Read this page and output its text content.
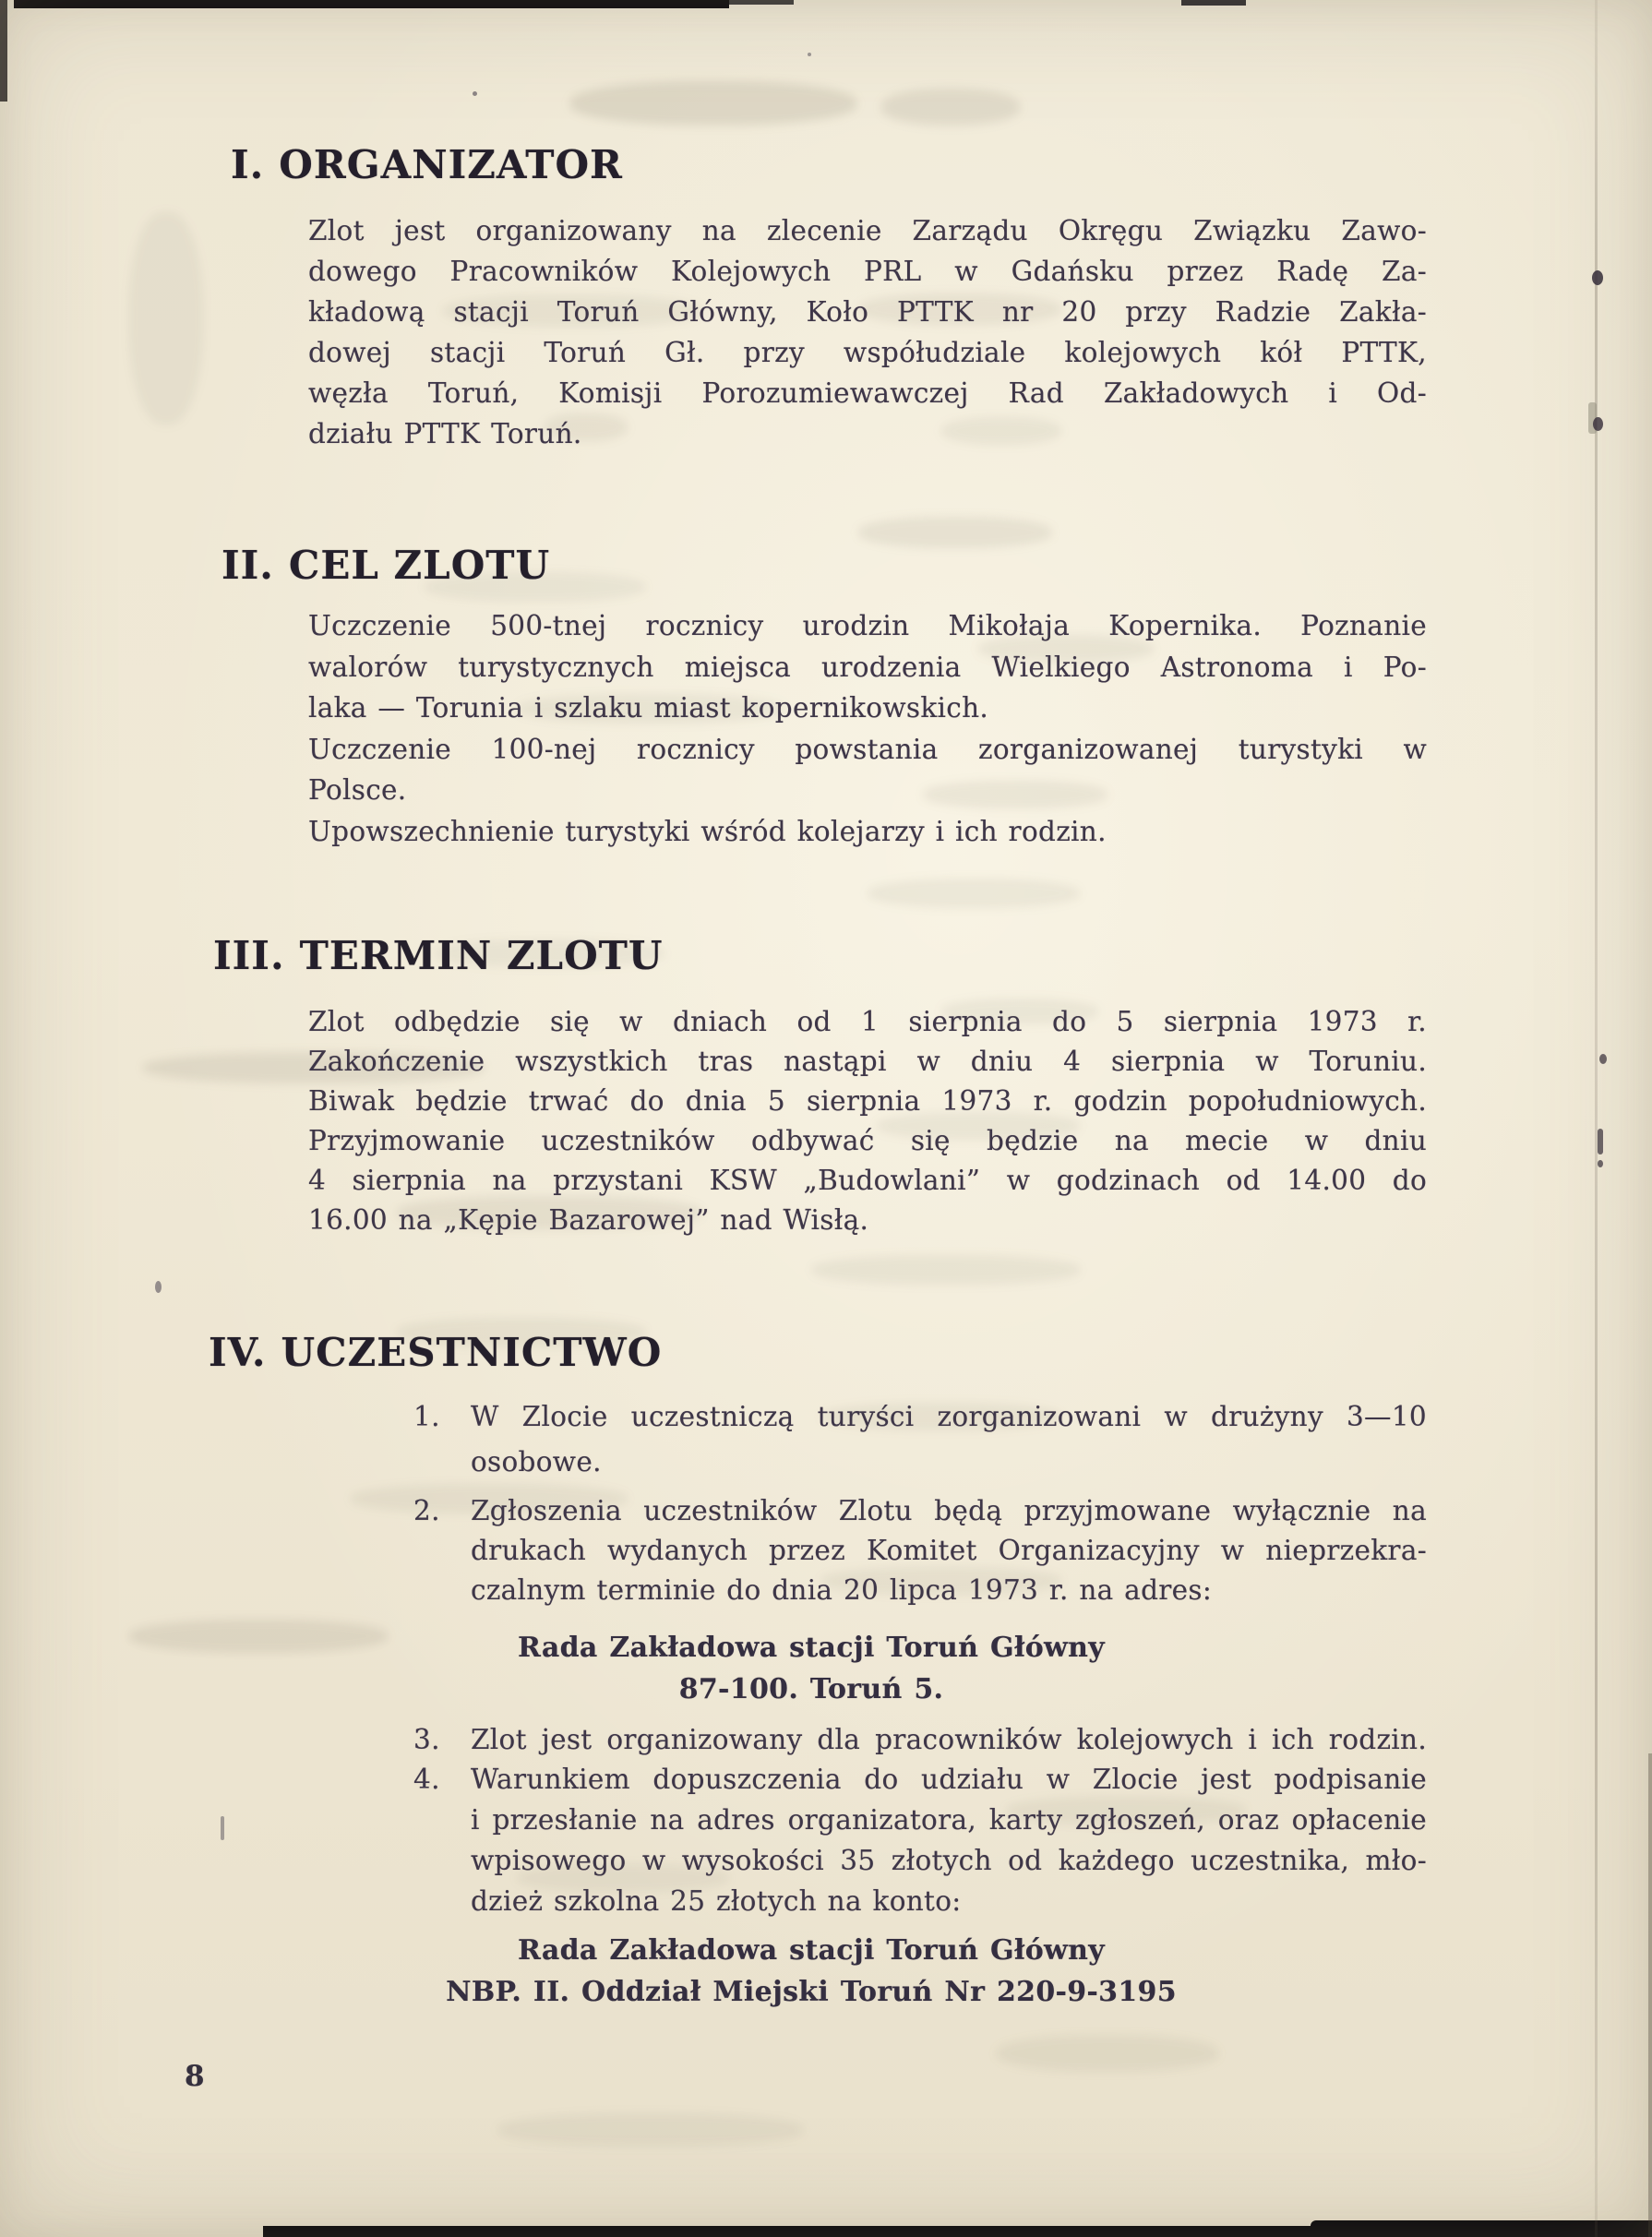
I. ORGANIZATOR
Zlot jest organizowany na zlecenie Zarządu Okręgu Związku Zawo-
dowego Pracowników Kolejowych PRL w Gdańsku przez Radę Za-
kładową stacji Toruń Główny, Koło PTTK nr 20 przy Radzie Zakła-
dowej stacji Toruń Gł. przy współudziale kolejowych kół PTTK,
węzła Toruń, Komisji Porozumiewawczej Rad Zakładowych i Od-
działu PTTK Toruń.
II. CEL ZLOTU
Uczczenie 500-tnej rocznicy urodzin Mikołaja Kopernika. Poznanie
walorów turystycznych miejsca urodzenia Wielkiego Astronoma i Po-
laka — Torunia i szlaku miast kopernikowskich.
Uczczenie 100-nej rocznicy powstania zorganizowanej turystyki w
Polsce.
Upowszechnienie turystyki wśród kolejarzy i ich rodzin.
III. TERMIN ZLOTU
Zlot odbędzie się w dniach od 1 sierpnia do 5 sierpnia 1973 r.
Zakończenie wszystkich tras nastąpi w dniu 4 sierpnia w Toruniu.
Biwak będzie trwać do dnia 5 sierpnia 1973 r. godzin popołudniowych.
Przyjmowanie uczestników odbywać się będzie na mecie w dniu
4 sierpnia na przystani KSW „Budowlani” w godzinach od 14.00 do
16.00 na „Kępie Bazarowej” nad Wisłą.
IV. UCZESTNICTWO
1. W Zlocie uczestniczą turyści zorganizowani w drużyny 3—10
osobowe.
2. Zgłoszenia uczestników Zlotu będą przyjmowane wyłącznie na
drukach wydanych przez Komitet Organizacyjny w nieprzekra-
czalnym terminie do dnia 20 lipca 1973 r. na adres:
Rada Zakładowa stacji Toruń Główny
87-100. Toruń 5.
3. Zlot jest organizowany dla pracowników kolejowych i ich rodzin.
4. Warunkiem dopuszczenia do udziału w Zlocie jest podpisanie
i przesłanie na adres organizatora, karty zgłoszeń, oraz opłacenie
wpisowego w wysokości 35 złotych od każdego uczestnika, mło-
dzież szkolna 25 złotych na konto:
Rada Zakładowa stacji Toruń Główny
NBP. II. Oddział Miejski Toruń Nr 220-9-3195
8
